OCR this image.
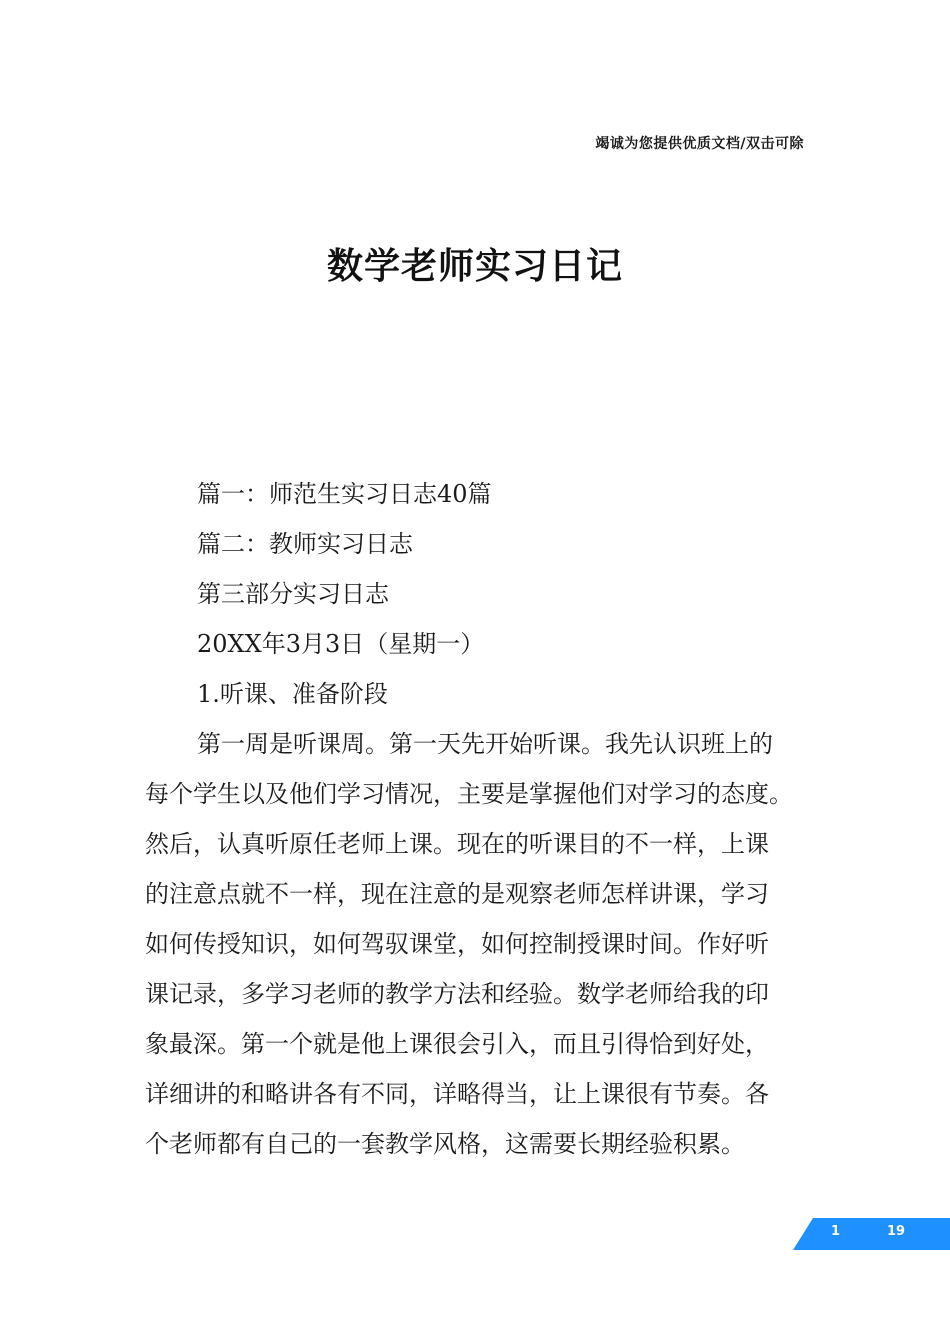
竭诚为您提供优质文档/双击可除
数学老师实习日记
篇一：师范生实习日志40篇
篇二：教师实习日志
第三部分实习日志
20XX年3月3日（星期一）
1.听课、准备阶段
第一周是听课周。第一天先开始听课。我先认识班上的
每个学生以及他们学习情况，主要是掌握他们对学习的态度。
然后，认真听原任老师上课。现在的听课目的不一样，上课
的注意点就不一样，现在注意的是观察老师怎样讲课，学习
如何传授知识，如何驾驭课堂，如何控制授课时间。作好听
课记录，多学习老师的教学方法和经验。数学老师给我的印
象最深。第一个就是他上课很会引入，而且引得恰到好处，
详细讲的和略讲各有不同，详略得当，让上课很有节奏。各
个老师都有自己的一套教学风格，这需要长期经验积累。
1	19
